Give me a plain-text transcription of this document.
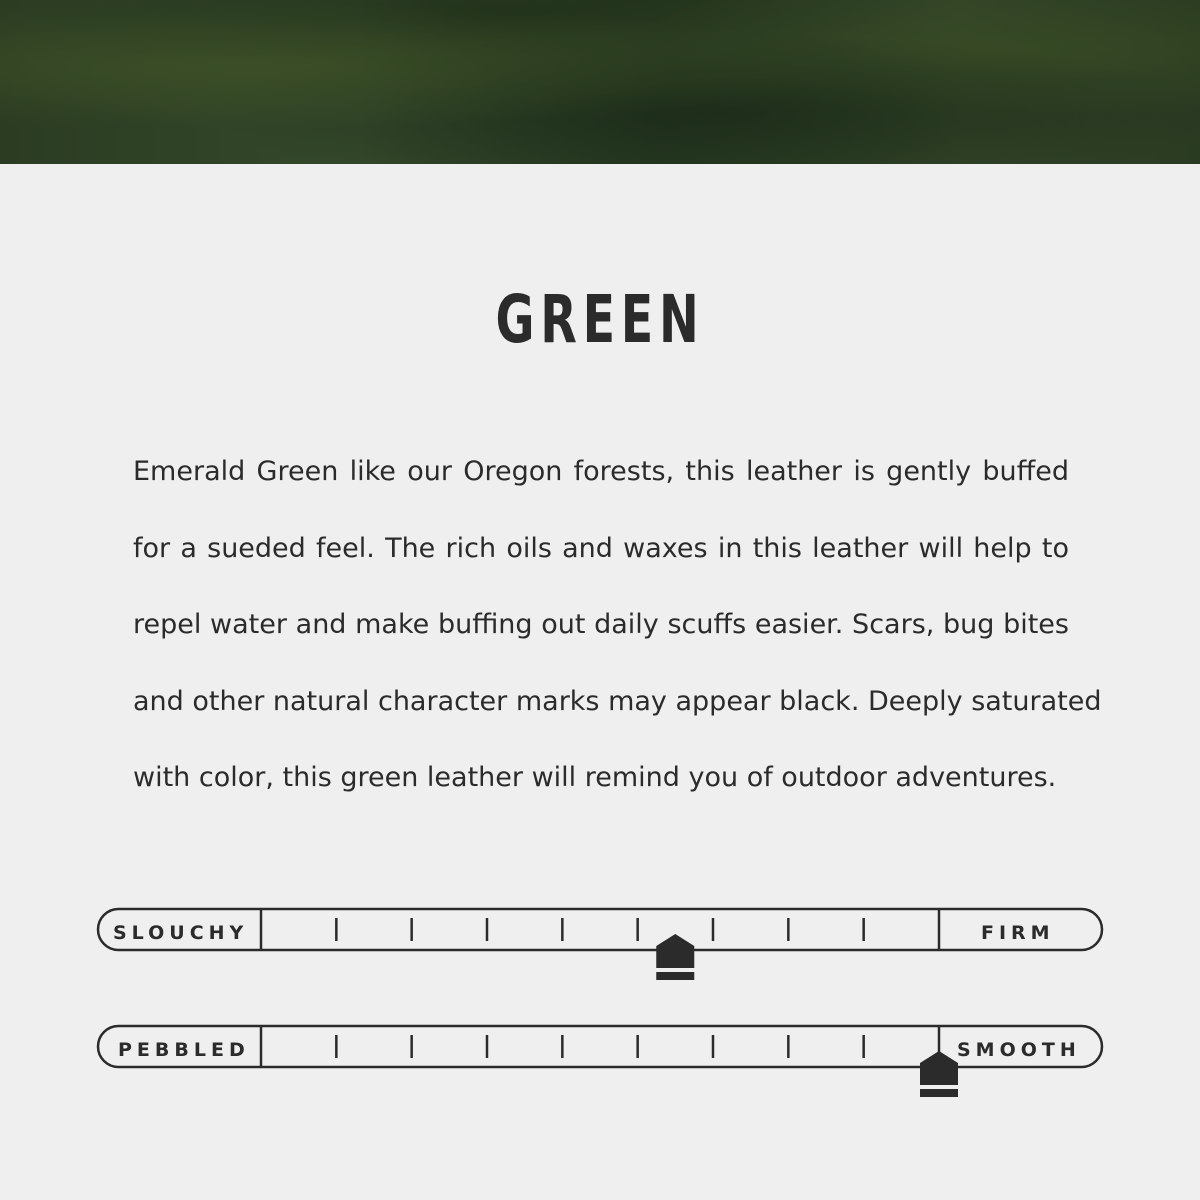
GREEN

Emerald Green like our Oregon forests, this leather is gently buffed
for a sueded feel. The rich oils and waxes in this leather will help to
repel water and make buffing out daily scuffs easier. Scars, bug bites
and other natural character marks may appear black. Deeply saturated
with color, this green leather will remind you of outdoor adventures.

SLOUCHY	FIRM
PEBBLED	SMOOTH
